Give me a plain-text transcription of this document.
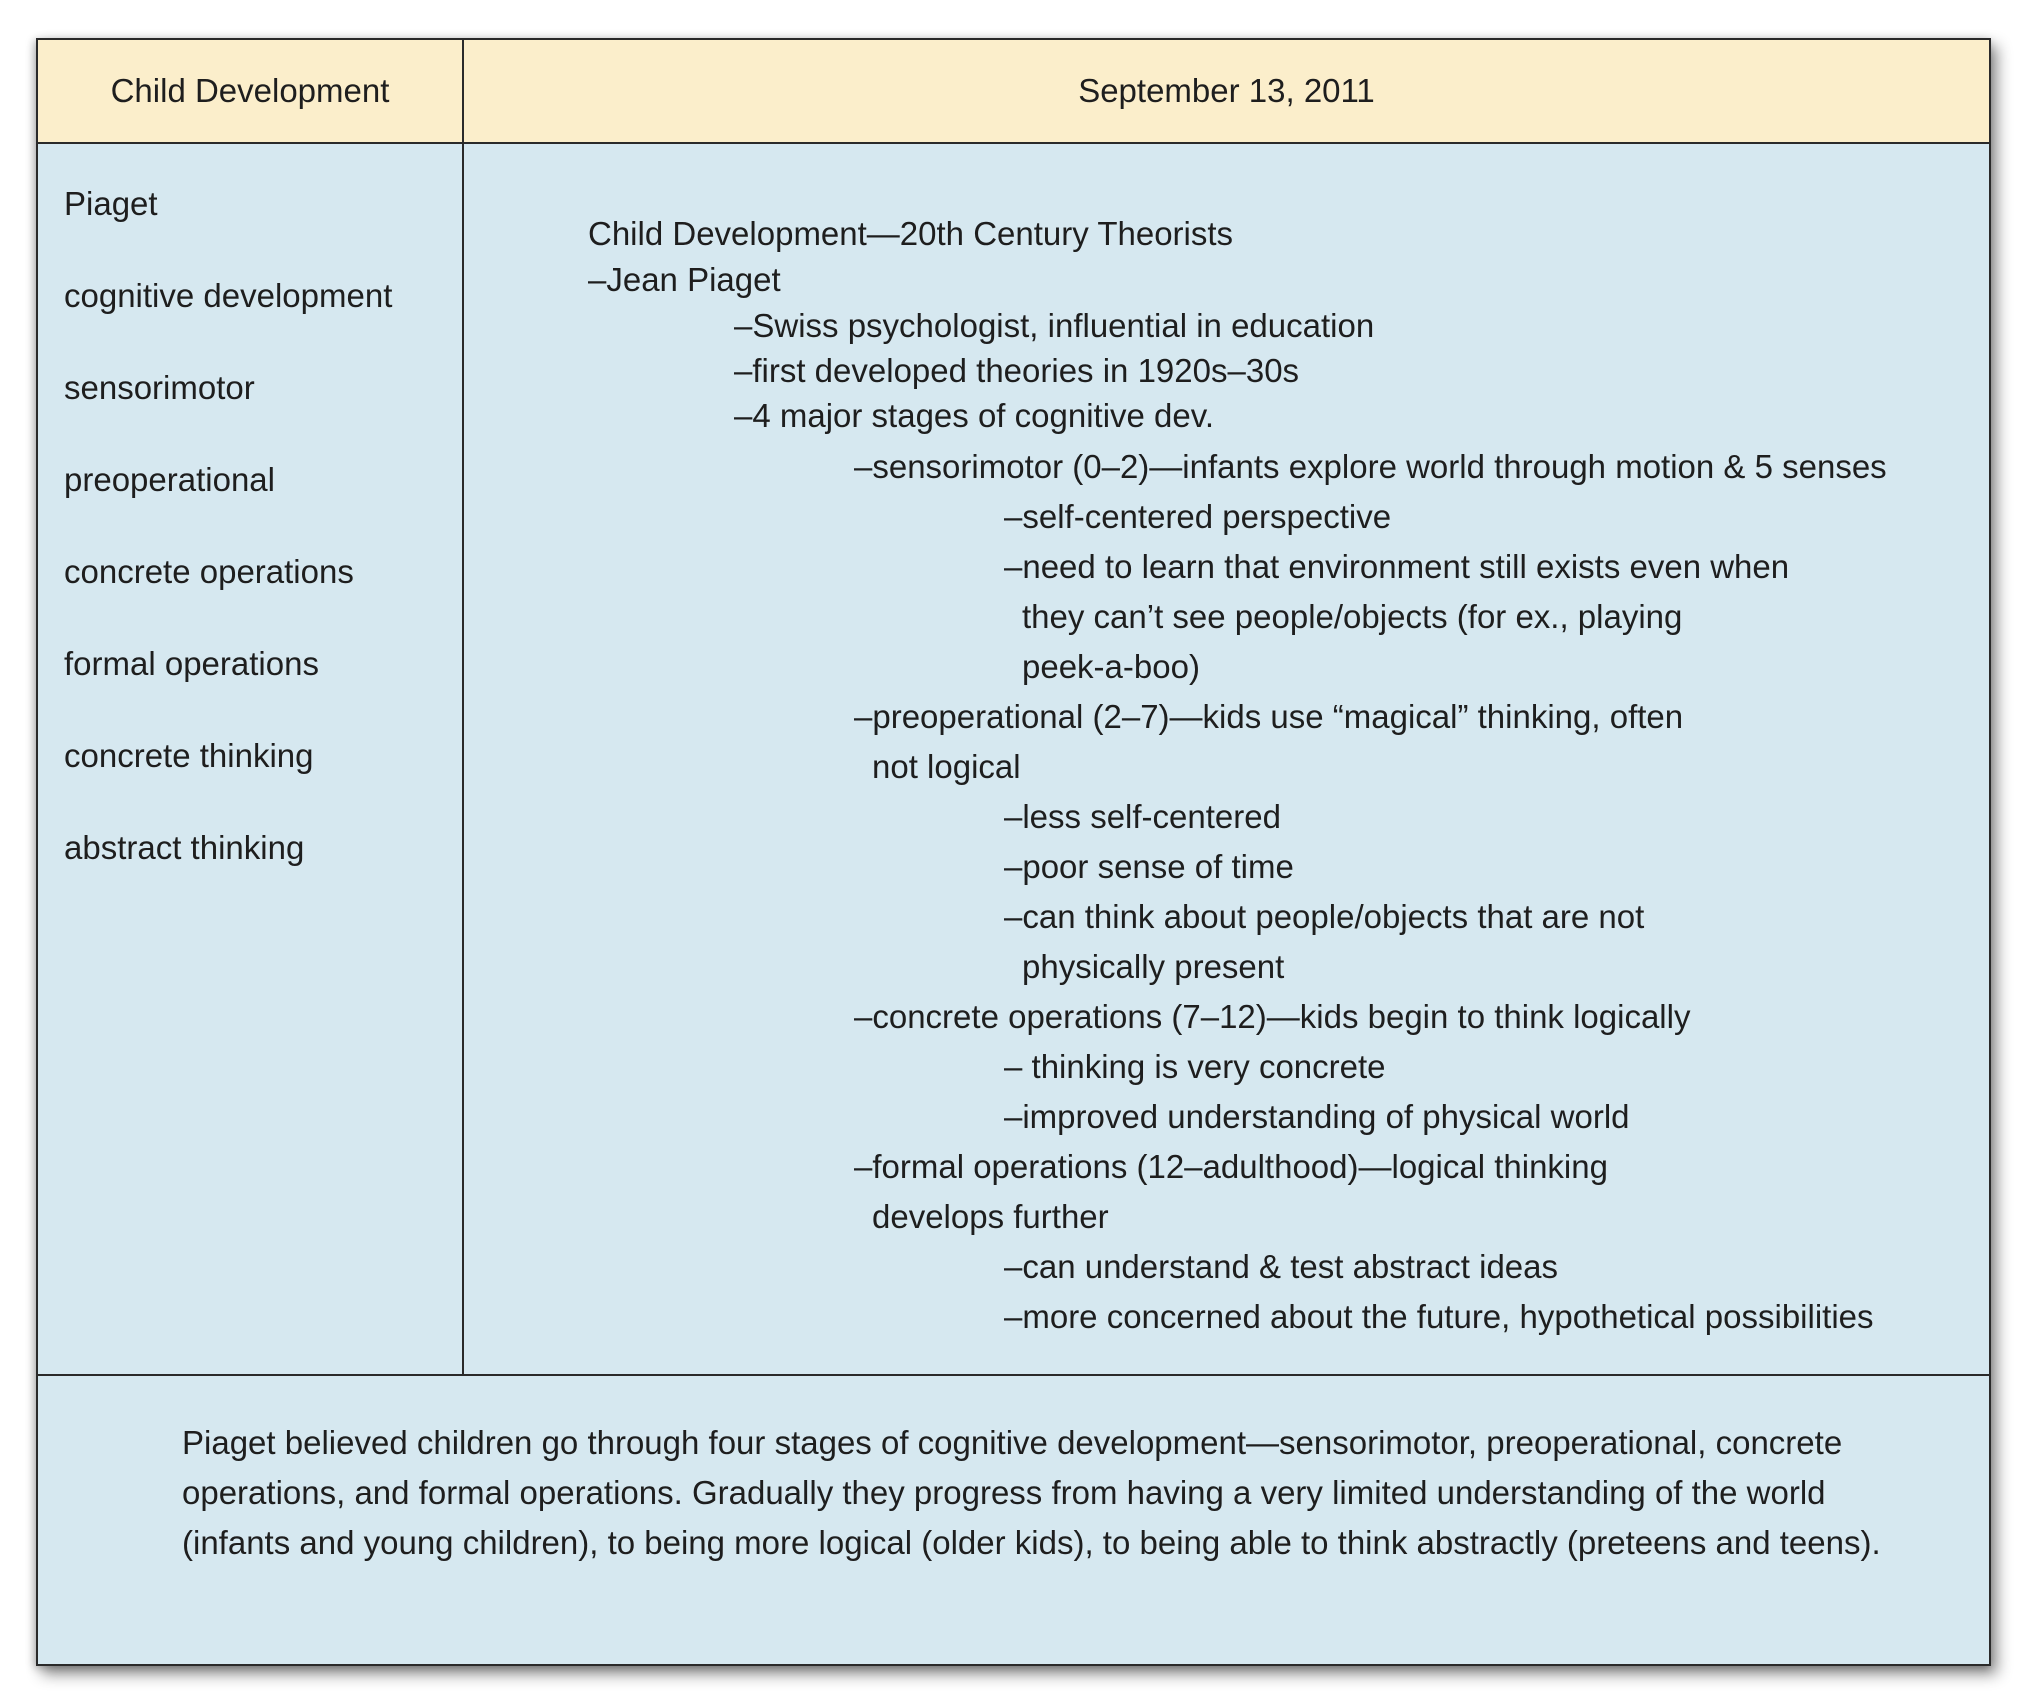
Child Development	September 13, 2011
Piaget
cognitive development
sensorimotor
preoperational
concrete operations
formal operations
concrete thinking
abstract thinking
Child Development—20th Century Theorists
–Jean Piaget
–Swiss psychologist, influential in education
–first developed theories in 1920s–30s
–4 major stages of cognitive dev.
–sensorimotor (0–2)—infants explore world through motion & 5 senses
–self-centered perspective
–need to learn that environment still exists even when
they can’t see people/objects (for ex., playing
peek-a-boo)
–preoperational (2–7)—kids use “magical” thinking, often
not logical
–less self-centered
–poor sense of time
–can think about people/objects that are not
physically present
–concrete operations (7–12)—kids begin to think logically
– thinking is very concrete
–improved understanding of physical world
–formal operations (12–adulthood)—logical thinking
develops further
–can understand & test abstract ideas
–more concerned about the future, hypothetical possibilities
Piaget believed children go through four stages of cognitive development—sensorimotor, preoperational, concrete operations, and formal operations. Gradually they progress from having a very limited understanding of the world (infants and young children), to being more logical (older kids), to being able to think abstractly (preteens and teens).
